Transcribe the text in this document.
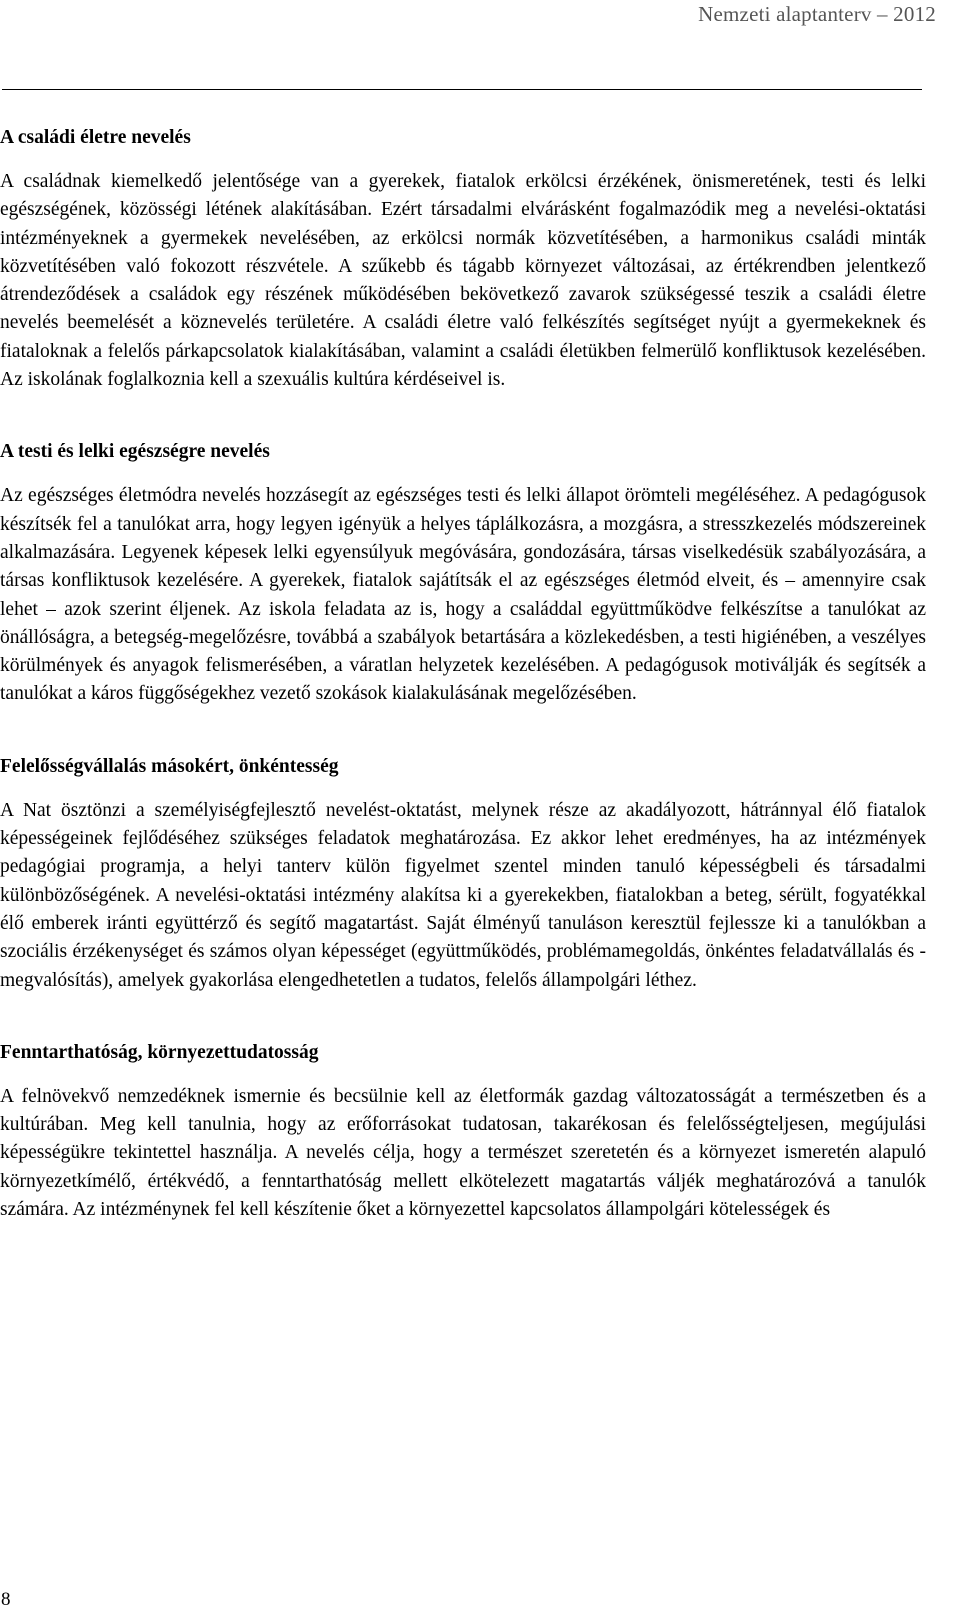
Nemzeti alaptanterv – 2012
A családi életre nevelés

A családnak kiemelkedő jelentősége van a gyerekek, fiatalok erkölcsi érzékének, önismeretének, testi és lelki egészségének, közösségi létének alakításában. Ezért társadalmi elvárásként fogalmazódik meg a nevelési-oktatási intézményeknek a gyermekek nevelésében, az erkölcsi normák közvetítésében, a harmonikus családi minták közvetítésében való fokozott részvétele. A szűkebb és tágabb környezet változásai, az értékrendben jelentkező átrendeződések a családok egy részének működésében bekövetkező zavarok szükségessé teszik a családi életre nevelés beemelését a köznevelés területére. A családi életre való felkészítés segítséget nyújt a gyermekeknek és fiataloknak a felelős párkapcsolatok kialakításában, valamint a családi életükben felmerülő konfliktusok kezelésében. Az iskolának foglalkoznia kell a szexuális kultúra kérdéseivel is.

A testi és lelki egészségre nevelés

Az egészséges életmódra nevelés hozzásegít az egészséges testi és lelki állapot örömteli megéléséhez. A pedagógusok készítsék fel a tanulókat arra, hogy legyen igényük a helyes táplálkozásra, a mozgásra, a stresszkezelés módszereinek alkalmazására. Legyenek képesek lelki egyensúlyuk megóvására, gondozására, társas viselkedésük szabályozására, a társas konfliktusok kezelésére. A gyerekek, fiatalok sajátítsák el az egészséges életmód elveit, és – amennyire csak lehet – azok szerint éljenek. Az iskola feladata az is, hogy a családdal együttműködve felkészítse a tanulókat az önállóságra, a betegség-megelőzésre, továbbá a szabályok betartására a közlekedésben, a testi higiénében, a veszélyes körülmények és anyagok felismerésében, a váratlan helyzetek kezelésében. A pedagógusok motiválják és segítsék a tanulókat a káros függőségekhez vezető szokások kialakulásának megelőzésében.

Felelősségvállalás másokért, önkéntesség

A Nat ösztönzi a személyiségfejlesztő nevelést-oktatást, melynek része az akadályozott, hátránnyal élő fiatalok képességeinek fejlődéséhez szükséges feladatok meghatározása. Ez akkor lehet eredményes, ha az intézmények pedagógiai programja, a helyi tanterv külön figyelmet szentel minden tanuló képességbeli és társadalmi különbözőségének. A nevelési-oktatási intézmény alakítsa ki a gyerekekben, fiatalokban a beteg, sérült, fogyatékkal élő emberek iránti együttérző és segítő magatartást. Saját élményű tanuláson keresztül fejlessze ki a tanulókban a szociális érzékenységet és számos olyan képességet (együttműködés, problémamegoldás, önkéntes feladatvállalás és -megvalósítás), amelyek gyakorlása elengedhetetlen a tudatos, felelős állampolgári léthez.

Fenntarthatóság, környezettudatosság

A felnövekvő nemzedéknek ismernie és becsülnie kell az életformák gazdag változatosságát a természetben és a kultúrában. Meg kell tanulnia, hogy az erőforrásokat tudatosan, takarékosan és felelősségteljesen, megújulási képességükre tekintettel használja. A nevelés célja, hogy a természet szeretetén és a környezet ismeretén alapuló környezetkímélő, értékvédő, a fenntarthatóság mellett elkötelezett magatartás váljék meghatározóvá a tanulók számára. Az intézménynek fel kell készítenie őket a környezettel kapcsolatos állampolgári kötelességek és

8
